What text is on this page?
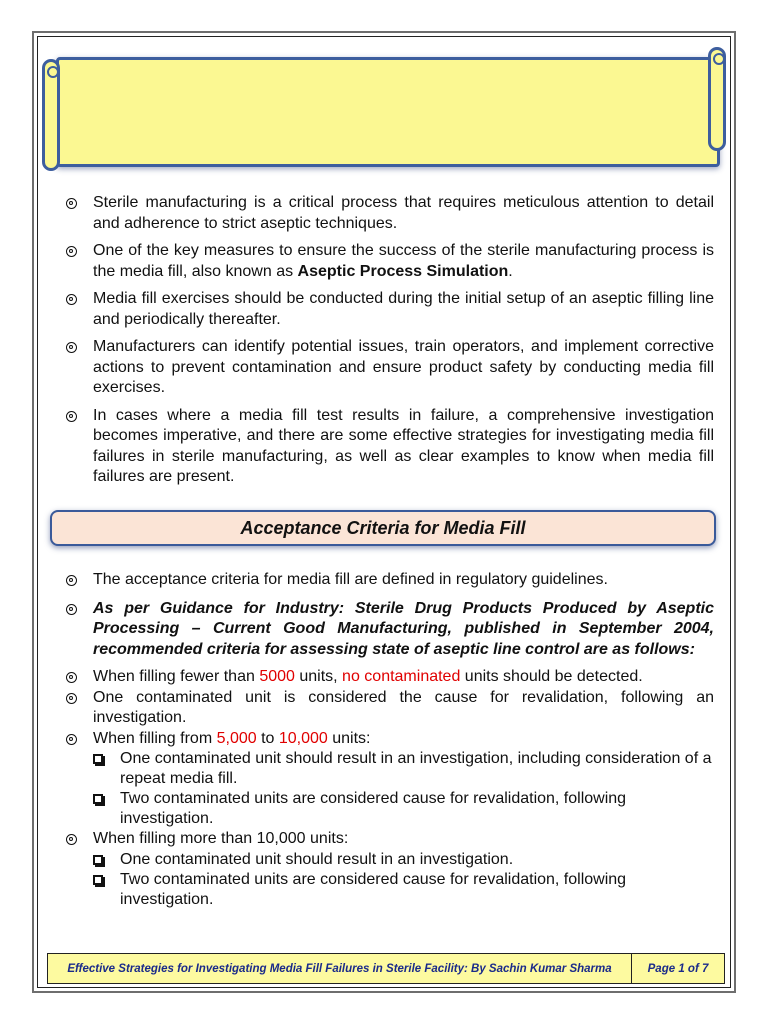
Sterile manufacturing is a critical process that requires meticulous attention to detail and adherence to strict aseptic techniques.
One of the key measures to ensure the success of the sterile manufacturing process is the media fill, also known as Aseptic Process Simulation.
Media fill exercises should be conducted during the initial setup of an aseptic filling line and periodically thereafter.
Manufacturers can identify potential issues, train operators, and implement corrective actions to prevent contamination and ensure product safety by conducting media fill exercises.
In cases where a media fill test results in failure, a comprehensive investigation becomes imperative, and there are some effective strategies for investigating media fill failures in sterile manufacturing, as well as clear examples to know when media fill failures are present.
Acceptance Criteria for Media Fill
The acceptance criteria for media fill are defined in regulatory guidelines.
As per Guidance for Industry: Sterile Drug Products Produced by Aseptic Processing – Current Good Manufacturing, published in September 2004, recommended criteria for assessing state of aseptic line control are as follows:
When filling fewer than 5000 units, no contaminated units should be detected.
One contaminated unit is considered the cause for revalidation, following an investigation.
When filling from 5,000 to 10,000 units:
One contaminated unit should result in an investigation, including consideration of a repeat media fill.
Two contaminated units are considered cause for revalidation, following investigation.
When filling more than 10,000 units:
One contaminated unit should result in an investigation.
Two contaminated units are considered cause for revalidation, following investigation.
Effective Strategies for Investigating Media Fill Failures in Sterile Facility: By Sachin Kumar Sharma	Page 1 of 7
